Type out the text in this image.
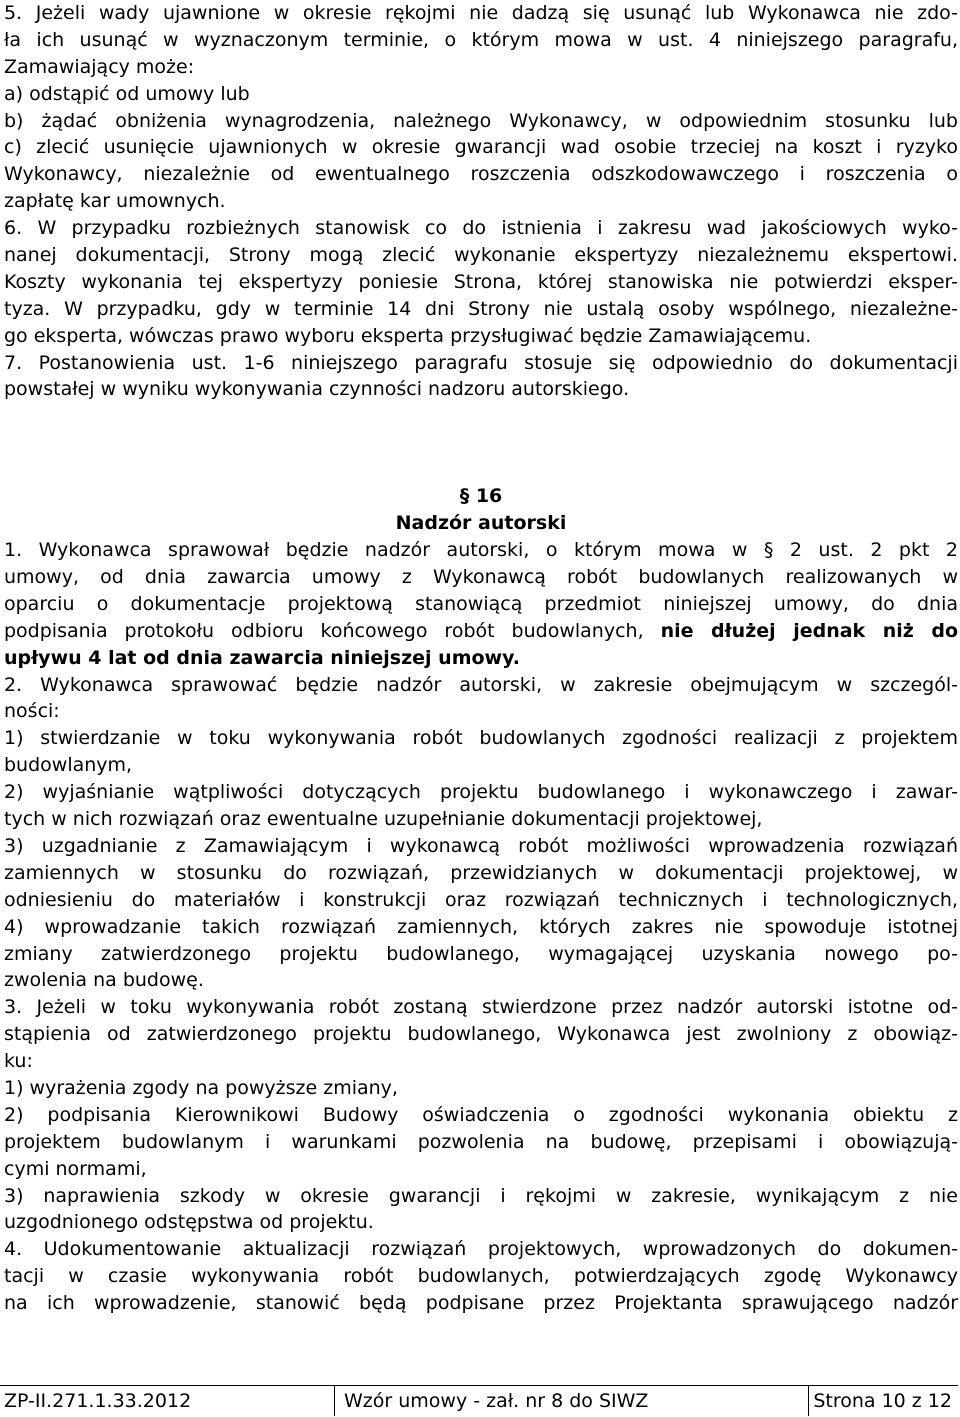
5. Jeżeli wady ujawnione w okresie rękojmi nie dadzą się usunąć lub Wykonawca nie zdo-
ła ich usunąć w wyznaczonym terminie, o którym mowa w ust. 4 niniejszego paragrafu,
Zamawiający może:
a) odstąpić od umowy lub
b) żądać obniżenia wynagrodzenia, należnego Wykonawcy, w odpowiednim stosunku lub
c) zlecić usunięcie ujawnionych w okresie gwarancji wad osobie trzeciej na koszt i ryzyko
Wykonawcy, niezależnie od ewentualnego roszczenia odszkodowawczego i roszczenia o
zapłatę kar umownych.
6. W przypadku rozbieżnych stanowisk co do istnienia i zakresu wad jakościowych wyko-
nanej dokumentacji, Strony mogą zlecić wykonanie ekspertyzy niezależnemu ekspertowi.
Koszty wykonania tej ekspertyzy poniesie Strona, której stanowiska nie potwierdzi eksper-
tyza. W przypadku, gdy w terminie 14 dni Strony nie ustalą osoby wspólnego, niezależne-
go eksperta, wówczas prawo wyboru eksperta przysługiwać będzie Zamawiającemu.
7. Postanowienia ust. 1-6 niniejszego paragrafu stosuje się odpowiednio do dokumentacji
powstałej w wyniku wykonywania czynności nadzoru autorskiego.
§ 16
Nadzór autorski
1. Wykonawca sprawował będzie nadzór autorski, o którym mowa w § 2 ust. 2 pkt 2
umowy, od dnia zawarcia umowy z Wykonawcą robót budowlanych realizowanych w
oparciu o dokumentacje projektową stanowiącą przedmiot niniejszej umowy, do dnia
podpisania protokołu odbioru końcowego robót budowlanych, nie dłużej jednak niż do
upływu 4 lat od dnia zawarcia niniejszej umowy.
2. Wykonawca sprawować będzie nadzór autorski, w zakresie obejmującym w szczegól-
ności:
1) stwierdzanie w toku wykonywania robót budowlanych zgodności realizacji z projektem
budowlanym,
2) wyjaśnianie wątpliwości dotyczących projektu budowlanego i wykonawczego i zawar-
tych w nich rozwiązań oraz ewentualne uzupełnianie dokumentacji projektowej,
3) uzgadnianie z Zamawiającym i wykonawcą robót możliwości wprowadzenia rozwiązań
zamiennych w stosunku do rozwiązań, przewidzianych w dokumentacji projektowej, w
odniesieniu do materiałów i konstrukcji oraz rozwiązań technicznych i technologicznych,
4) wprowadzanie takich rozwiązań zamiennych, których zakres nie spowoduje istotnej
zmiany zatwierdzonego projektu budowlanego, wymagającej uzyskania nowego po-
zwolenia na budowę.
3. Jeżeli w toku wykonywania robót zostaną stwierdzone przez nadzór autorski istotne od-
stąpienia od zatwierdzonego projektu budowlanego, Wykonawca jest zwolniony z obowiąz-
ku:
1) wyrażenia zgody na powyższe zmiany,
2) podpisania Kierownikowi Budowy oświadczenia o zgodności wykonania obiektu z
projektem budowlanym i warunkami pozwolenia na budowę, przepisami i obowiązują-
cymi normami,
3) naprawienia szkody w okresie gwarancji i rękojmi w zakresie, wynikającym z nie
uzgodnionego odstępstwa od projektu.
4. Udokumentowanie aktualizacji rozwiązań projektowych, wprowadzonych do dokumen-
tacji w czasie wykonywania robót budowlanych, potwierdzających zgodę Wykonawcy
na ich wprowadzenie, stanowić będą podpisane przez Projektanta sprawującego nadzór
ZP-II.271.1.33.2012	Wzór umowy - zał. nr 8 do SIWZ	Strona 10 z 12
